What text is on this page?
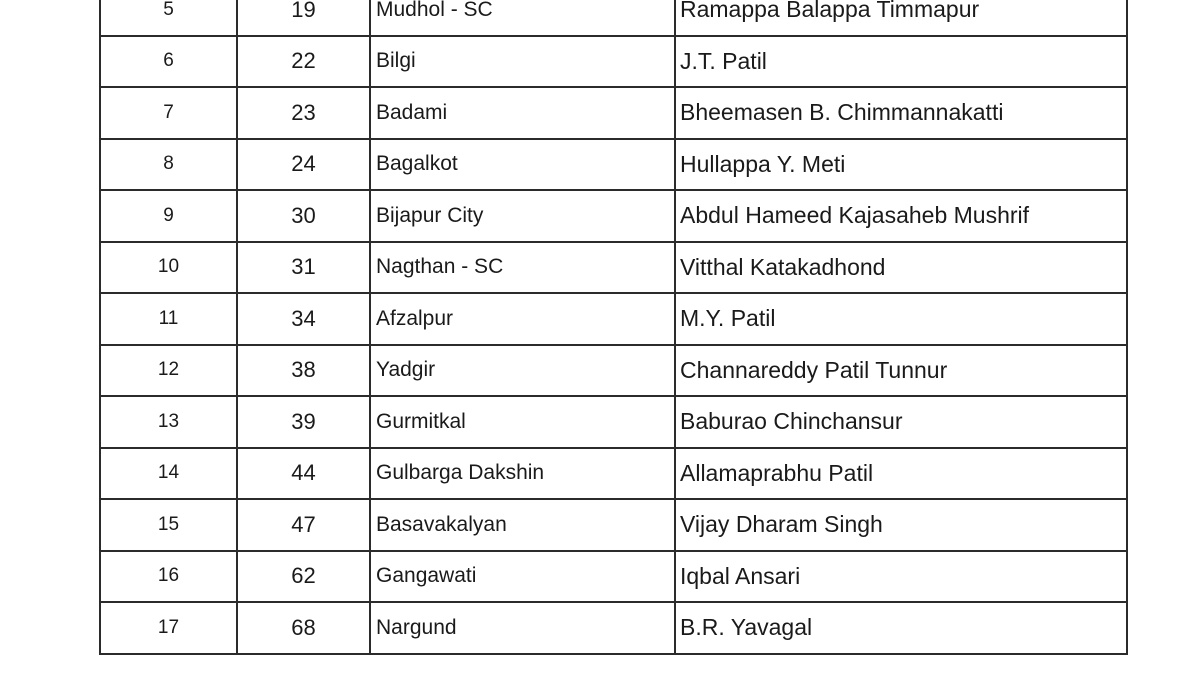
5	19	Mudhol - SC	Ramappa Balappa Timmapur
6	22	Bilgi	J.T. Patil
7	23	Badami	Bheemasen B. Chimmannakatti
8	24	Bagalkot	Hullappa Y. Meti
9	30	Bijapur City	Abdul Hameed Kajasaheb Mushrif
10	31	Nagthan - SC	Vitthal Katakadhond
11	34	Afzalpur	M.Y. Patil
12	38	Yadgir	Channareddy Patil Tunnur
13	39	Gurmitkal	Baburao Chinchansur
14	44	Gulbarga Dakshin	Allamaprabhu Patil
15	47	Basavakalyan	Vijay Dharam Singh
16	62	Gangawati	Iqbal Ansari
17	68	Nargund	B.R. Yavagal
